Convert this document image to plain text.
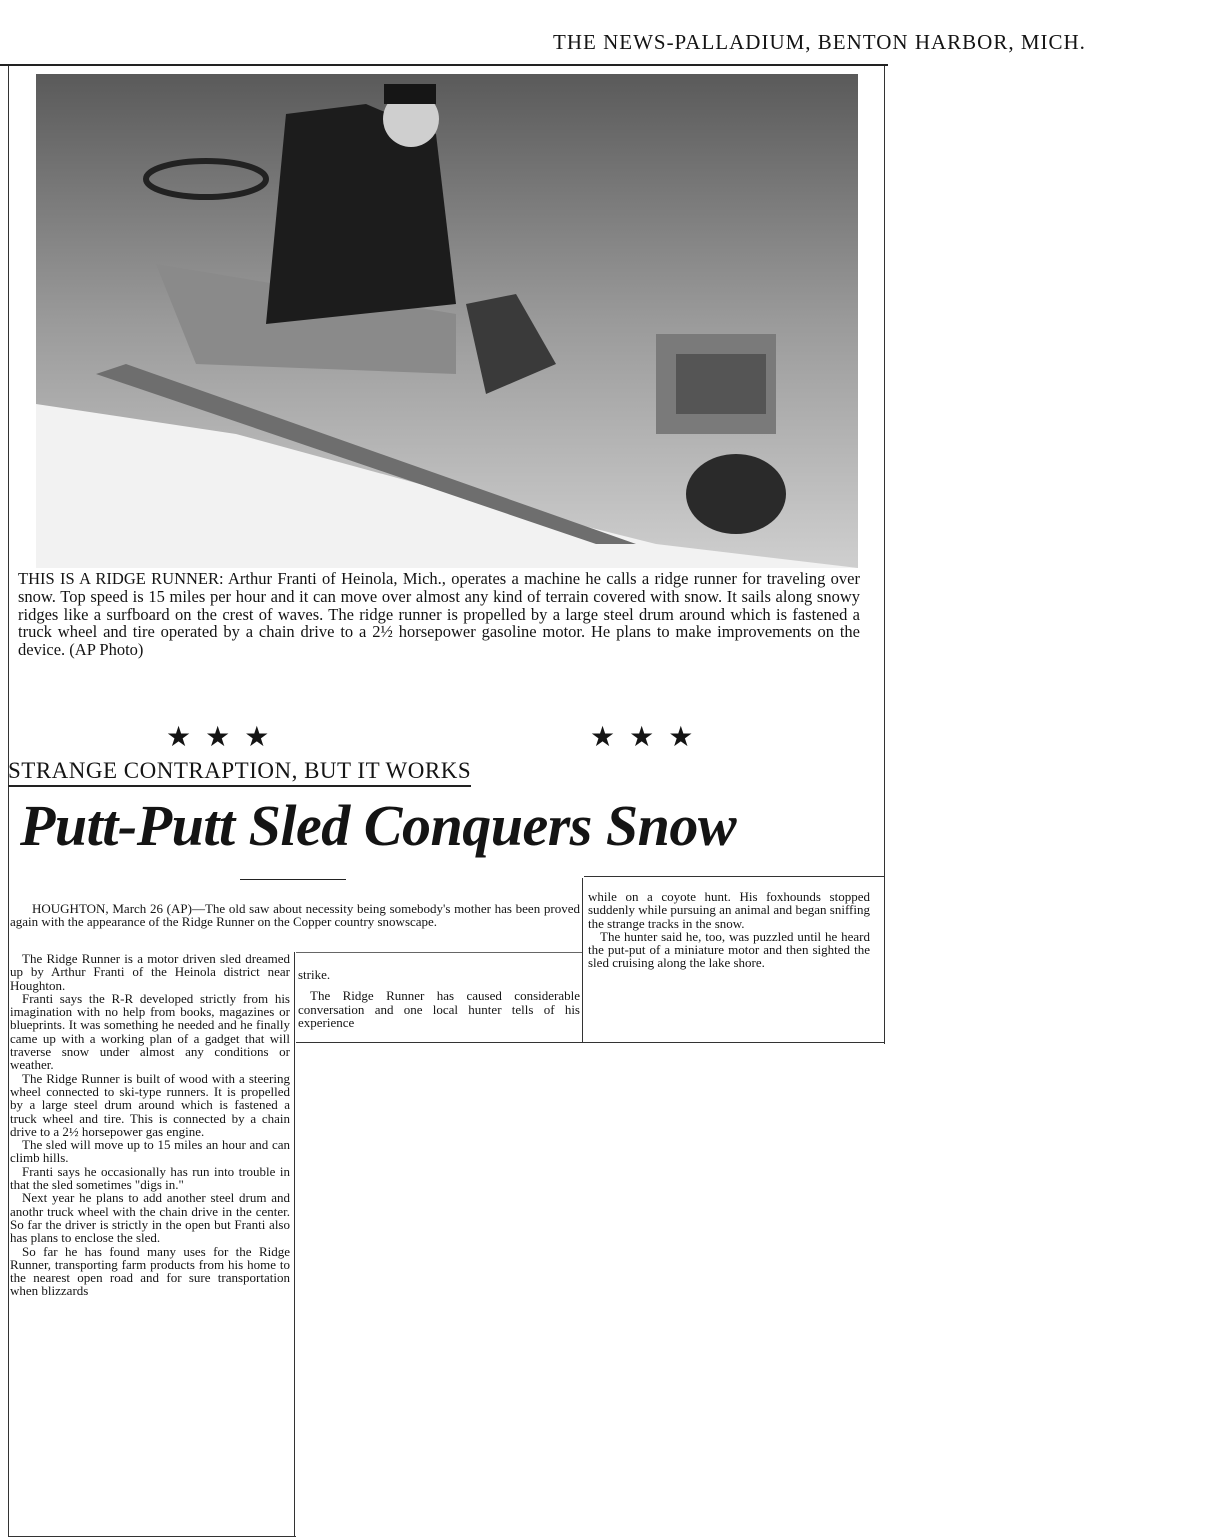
THE NEWS-PALLADIUM, BENTON HARBOR, MICH.

THIS IS A RIDGE RUNNER: Arthur Franti of Heinola, Mich., operates a machine he calls a ridge runner for traveling over snow. Top speed is 15 miles per hour and it can move over almost any kind of terrain covered with snow. It sails along snowy ridges like a surfboard on the crest of waves. The ridge runner is propelled by a large steel drum around which is fastened a truck wheel and tire operated by a chain drive to a 2½ horsepower gasoline motor. He plans to make improvements on the device. (AP Photo)

★★★	★★★
STRANGE CONTRAPTION, BUT IT WORKS
Putt-Putt Sled Conquers Snow

HOUGHTON, March 26 (AP)—The old saw about necessity being somebody's mother has been proved again with the appearance of the Ridge Runner on the Copper country snowscape.

The Ridge Runner is a motor driven sled dreamed up by Arthur Franti of the Heinola district near Houghton.

Franti says the R-R developed strictly from his imagination with no help from books, magazines or blueprints. It was something he needed and he finally came up with a working plan of a gadget that will traverse snow under almost any conditions or weather.

The Ridge Runner is built of wood with a steering wheel connected to ski-type runners. It is propelled by a large steel drum around which is fastened a truck wheel and tire. This is connected by a chain drive to a 2½ horsepower gas engine.

The sled will move up to 15 miles an hour and can climb hills.

Franti says he occasionally has run into trouble in that the sled sometimes "digs in."

Next year he plans to add another steel drum and anothr truck wheel with the chain drive in the center. So far the driver is strictly in the open but Franti also has plans to enclose the sled.

So far he has found many uses for the Ridge Runner, transporting farm products from his home to the nearest open road and for sure transportation when blizzards

strike.

The Ridge Runner has caused considerable conversation and one local hunter tells of his experience

while on a coyote hunt. His foxhounds stopped suddenly while pursuing an animal and began sniffing the strange tracks in the snow.

The hunter said he, too, was puzzled until he heard the put-put of a miniature motor and then sighted the sled cruising along the lake shore.
